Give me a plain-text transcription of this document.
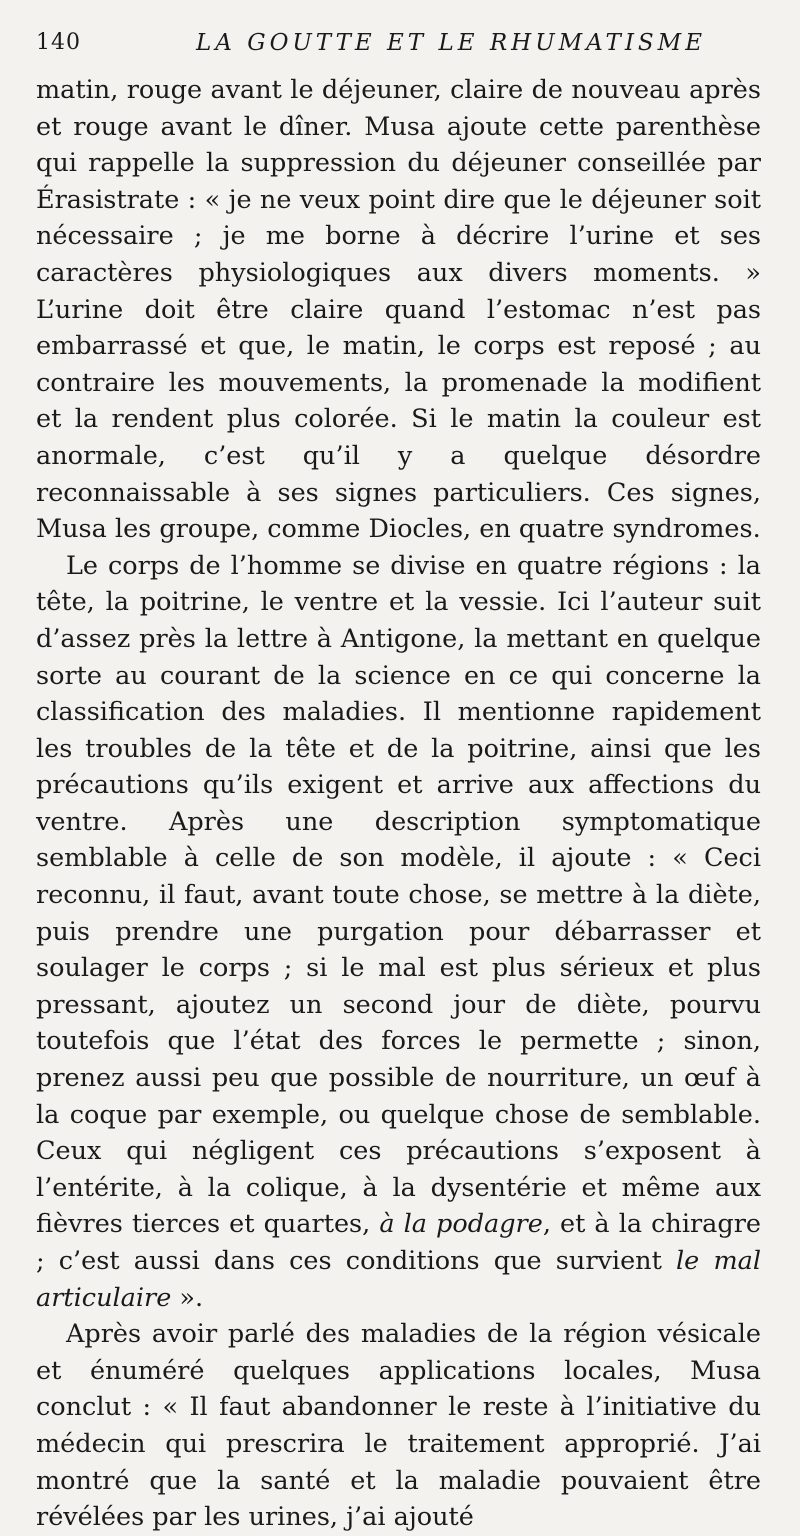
140	LA GOUTTE ET LE RHUMATISME

matin, rouge avant le déjeuner, claire de nouveau après et rouge avant le dîner. Musa ajoute cette parenthèse qui rappelle la suppression du déjeuner conseillée par Érasistrate : « je ne veux point dire que le déjeuner soit nécessaire ; je me borne à décrire l’urine et ses caractères physiologiques aux divers moments. » L’urine doit être claire quand l’estomac n’est pas embarrassé et que, le matin, le corps est reposé ; au contraire les mouvements, la promenade la modifient et la rendent plus colorée. Si le matin la couleur est anormale, c’est qu’il y a quelque désordre reconnaissable à ses signes particuliers. Ces signes, Musa les groupe, comme Diocles, en quatre syndromes.

Le corps de l’homme se divise en quatre régions : la tête, la poitrine, le ventre et la vessie. Ici l’auteur suit d’assez près la lettre à Antigone, la mettant en quelque sorte au courant de la science en ce qui concerne la classification des maladies. Il mentionne rapidement les troubles de la tête et de la poitrine, ainsi que les précautions qu’ils exigent et arrive aux affections du ventre. Après une description symptomatique semblable à celle de son modèle, il ajoute : « Ceci reconnu, il faut, avant toute chose, se mettre à la diète, puis prendre une purgation pour débarrasser et soulager le corps ; si le mal est plus sérieux et plus pressant, ajoutez un second jour de diète, pourvu toutefois que l’état des forces le permette ; sinon, prenez aussi peu que possible de nourriture, un œuf à la coque par exemple, ou quelque chose de semblable. Ceux qui négligent ces précautions s’exposent à l’entérite, à la colique, à la dysentérie et même aux fièvres tierces et quartes, à la podagre, et à la chiragre ; c’est aussi dans ces conditions que survient le mal articulaire ».

Après avoir parlé des maladies de la région vésicale et énuméré quelques applications locales, Musa conclut : « Il faut abandonner le reste à l’initiative du médecin qui prescrira le traitement approprié. J’ai montré que la santé et la maladie pouvaient être révélées par les urines, j’ai ajouté
